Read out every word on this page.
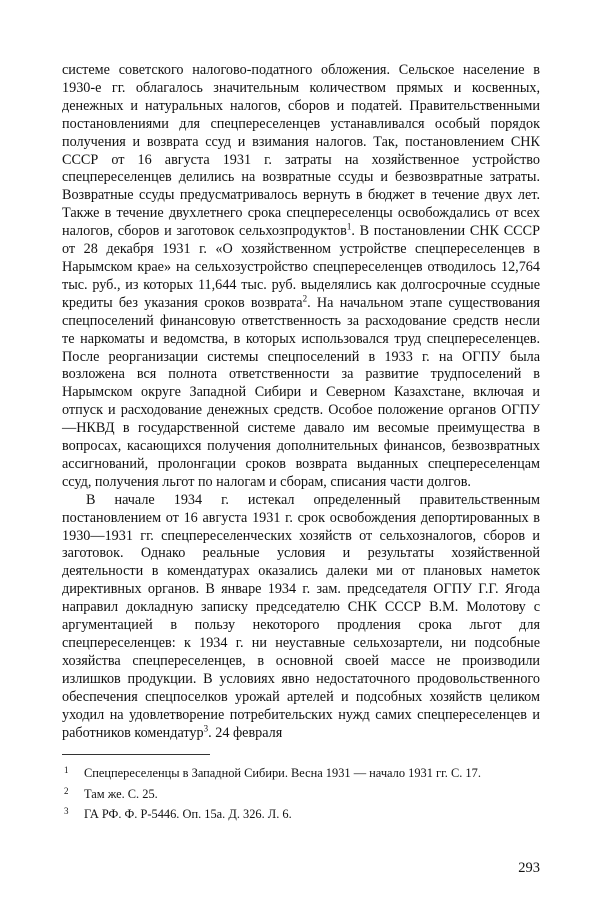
системе советского налогово-податного обложения. Сельское население в 1930-е гг. облагалось значительным количеством прямых и косвенных, денежных и натуральных налогов, сборов и податей. Правительственными постановлениями для спецпереселенцев устанавливался особый порядок получения и возврата ссуд и взимания налогов. Так, постановлением СНК СССР от 16 августа 1931 г. затраты на хозяйственное устройство спецпереселенцев делились на возвратные ссуды и безвозвратные затраты. Возвратные ссуды предусматривалось вернуть в бюджет в течение двух лет. Также в течение двухлетнего срока спецпереселенцы освобождались от всех налогов, сборов и заготовок сельхозпродуктов$^1$. В постановлении СНК СССР от 28 декабря 1931 г. «О хозяйственном устройстве спецпереселенцев в Нарымском крае» на сельхозустройство спецпереселенцев отводилось 12,764 тыс. руб., из которых 11,644 тыс. руб. выделялись как долгосрочные ссудные кредиты без указания сроков возврата$^2$. На начальном этапе существования спецпоселений финансовую ответственность за расходование средств несли те наркоматы и ведомства, в которых использовался труд спецпереселенцев. После реорганизации системы спецпоселений в 1933 г. на ОГПУ была возложена вся полнота ответственности за развитие трудпоселений в Нарымском округе Западной Сибири и Северном Казахстане, включая и отпуск и расходование денежных средств. Особое положение органов ОГПУ—НКВД в государственной системе давало им весомые преимущества в вопросах, касающихся получения дополнительных финансов, безвозвратных ассигнований, пролонгации сроков возврата выданных спецпереселенцам ссуд, получения льгот по налогам и сборам, списания части долгов.

В начале 1934 г. истекал определенный правительственным постановлением от 16 августа 1931 г. срок освобождения депортированных в 1930—1931 гг. спецпереселенческих хозяйств от сельхозналогов, сборов и заготовок. Однако реальные условия и результаты хозяйственной деятельности в комендатурах оказались далеки ми от плановых наметок директивных органов. В январе 1934 г. зам. председателя ОГПУ Г.Г. Ягода направил докладную записку председателю СНК СССР В.М. Молотову с аргументацией в пользу некоторого продления срока льгот для спецпереселенцев: к 1934 г. ни неуставные сельхозартели, ни подсобные хозяйства спецпереселенцев, в основной своей массе не производили излишков продукции. В условиях явно недостаточного продовольственного обеспечения спецпоселков урожай артелей и подсобных хозяйств целиком уходил на удовлетворение потребительских нужд самих спецпереселенцев и работников комендатур$^3$. 24 февраля

1	Спецпереселенцы в Западной Сибири. Весна 1931 — начало 1931 гг. С. 17.
2	Там же. С. 25.
3	ГА РФ. Ф. Р-5446. Оп. 15а. Д. 326. Л. 6.
293
